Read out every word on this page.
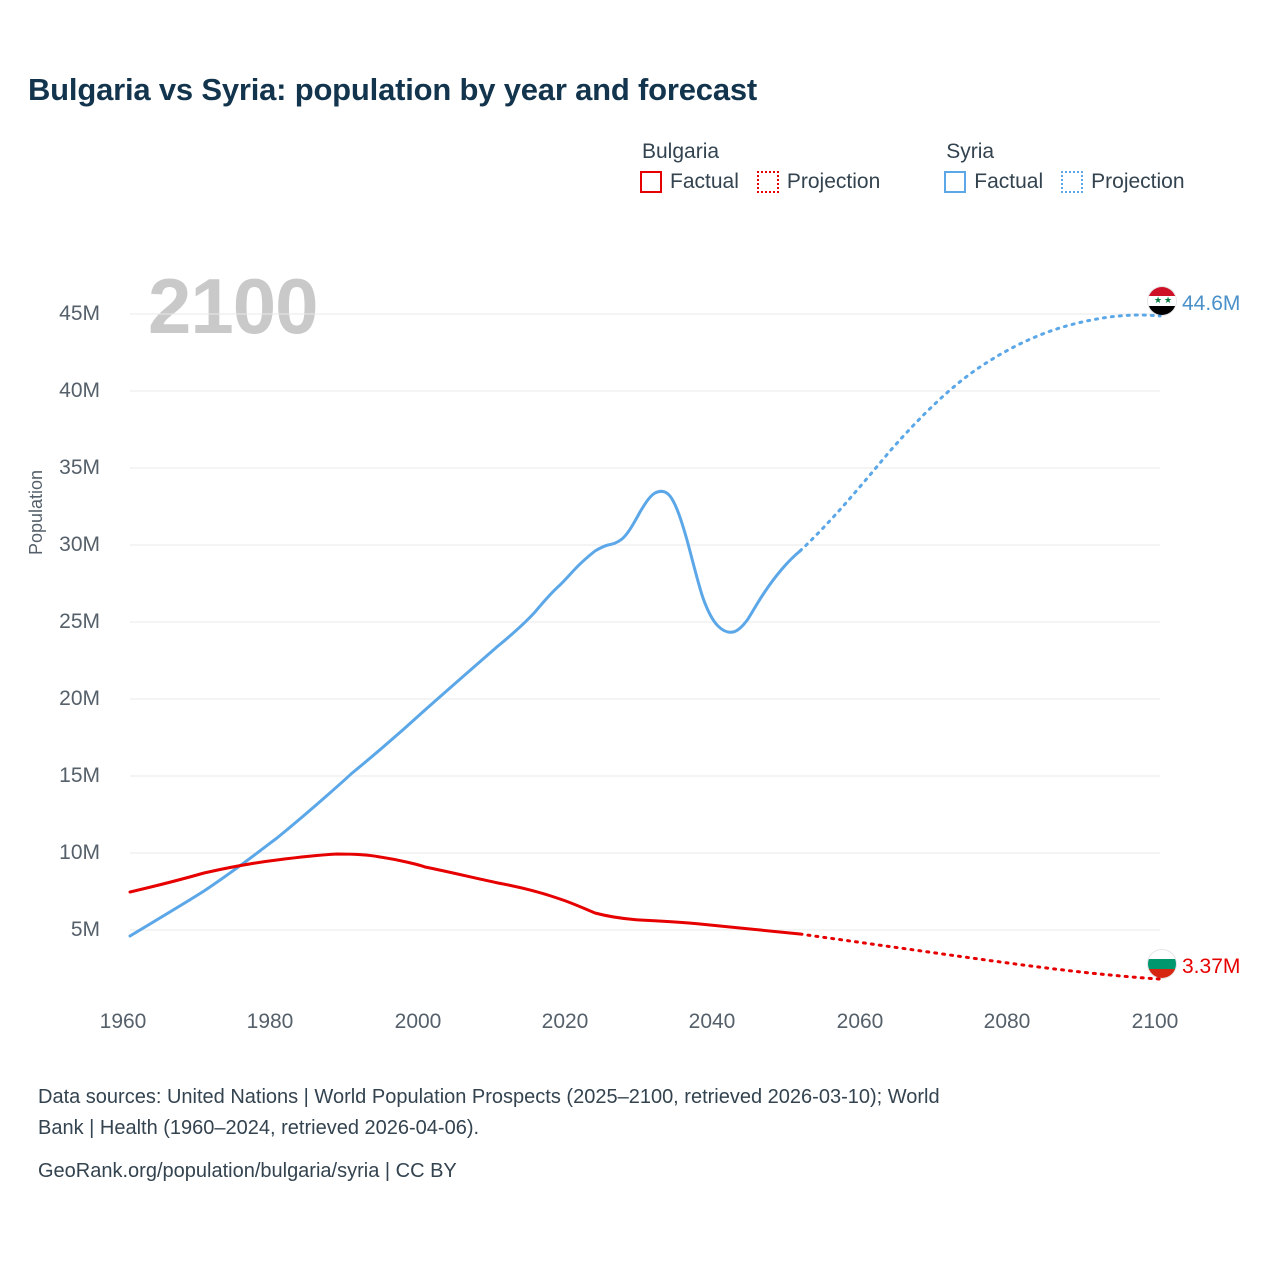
Bulgaria vs Syria: population by year and forecast
Bulgaria
Factual Projection
Syria
Factual Projection
Population
2100
5M
10M
15M
20M
25M
30M
35M
40M
45M
1960	1980	2000	2020	2040	2060	2080	2100
★ ★ 44.6M
3.37M
Data sources: United Nations | World Population Prospects (2025–2100, retrieved 2026-03-10); World
Bank | Health (1960–2024, retrieved 2026-04-06).
GeoRank.org/population/bulgaria/syria | CC BY
